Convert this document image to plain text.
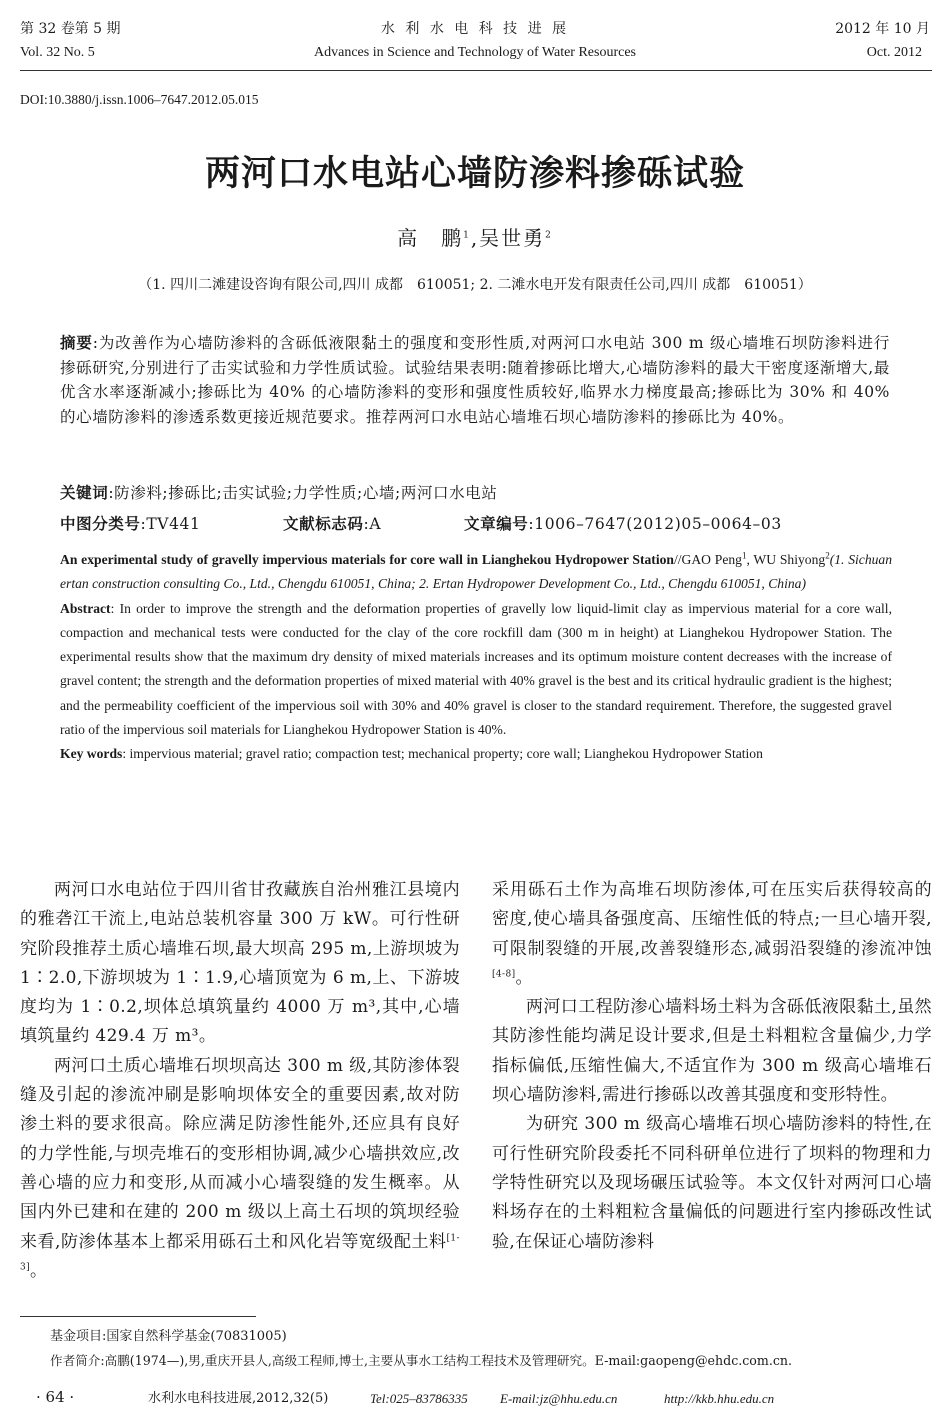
第 32 卷第 5 期
Vol. 32 No. 5
水 利 水 电 科 技 进 展
Advances in Science and Technology of Water Resources
2012 年 10 月
Oct. 2012
DOI:10.3880/j.issn.1006–7647.2012.05.015
两河口水电站心墙防渗料掺砾试验
高　鹏$^1$,吴世勇$^2$
（1. 四川二滩建设咨询有限公司,四川 成都　610051; 2. 二滩水电开发有限责任公司,四川 成都　610051）
摘要:为改善作为心墙防渗料的含砾低液限黏土的强度和变形性质,对两河口水电站 300 m 级心墙堆石坝防渗料进行掺砾研究,分别进行了击实试验和力学性质试验。试验结果表明:随着掺砾比增大,心墙防渗料的最大干密度逐渐增大,最优含水率逐渐减小;掺砾比为 40% 的心墙防渗料的变形和强度性质较好,临界水力梯度最高;掺砾比为 30% 和 40% 的心墙防渗料的渗透系数更接近规范要求。推荐两河口水电站心墙堆石坝心墙防渗料的掺砾比为 40%。
关键词:防渗料;掺砾比;击实试验;力学性质;心墙;两河口水电站
中图分类号:TV441	文献标志码:A	文章编号:1006–7647(2012)05–0064–03
An experimental study of gravelly impervious materials for core wall in Lianghekou Hydropower Station//GAO Peng$^1$, WU Shiyong$^2$(1. Sichuan ertan construction consulting Co., Ltd., Chengdu 610051, China; 2. Ertan Hydropower Development Co., Ltd., Chengdu 610051, China)
Abstract: In order to improve the strength and the deformation properties of gravelly low liquid-limit clay as impervious material for a core wall, compaction and mechanical tests were conducted for the clay of the core rockfill dam (300 m in height) at Lianghekou Hydropower Station. The experimental results show that the maximum dry density of mixed materials increases and its optimum moisture content decreases with the increase of gravel content; the strength and the deformation properties of mixed material with 40% gravel is the best and its critical hydraulic gradient is the highest; and the permeability coefficient of the impervious soil with 30% and 40% gravel is closer to the standard requirement. Therefore, the suggested gravel ratio of the impervious soil materials for Lianghekou Hydropower Station is 40%.
Key words: impervious material; gravel ratio; compaction test; mechanical property; core wall; Lianghekou Hydropower Station

两河口水电站位于四川省甘孜藏族自治州雅江县境内的雅砻江干流上,电站总装机容量 300 万 kW。可行性研究阶段推荐土质心墙堆石坝,最大坝高 295 m,上游坝坡为 1∶2.0,下游坝坡为 1∶1.9,心墙顶宽为 6 m,上、下游坡度均为 1∶0.2,坝体总填筑量约 4000 万 m³,其中,心墙填筑量约 429.4 万 m³。

两河口土质心墙堆石坝坝高达 300 m 级,其防渗体裂缝及引起的渗流冲刷是影响坝体安全的重要因素,故对防渗土料的要求很高。除应满足防渗性能外,还应具有良好的力学性能,与坝壳堆石的变形相协调,减少心墙拱效应,改善心墙的应力和变形,从而减小心墙裂缝的发生概率。从国内外已建和在建的 200 m 级以上高土石坝的筑坝经验来看,防渗体基本上都采用砾石土和风化岩等宽级配土料[1-3]。

采用砾石土作为高堆石坝防渗体,可在压实后获得较高的密度,使心墙具备强度高、压缩性低的特点;一旦心墙开裂,可限制裂缝的开展,改善裂缝形态,减弱沿裂缝的渗流冲蚀[4-8]。

两河口工程防渗心墙料场土料为含砾低液限黏土,虽然其防渗性能均满足设计要求,但是土料粗粒含量偏少,力学指标偏低,压缩性偏大,不适宜作为 300 m 级高心墙堆石坝心墙防渗料,需进行掺砾以改善其强度和变形特性。

为研究 300 m 级高心墙堆石坝心墙防渗料的特性,在可行性研究阶段委托不同科研单位进行了坝料的物理和力学特性研究以及现场碾压试验等。本文仅针对两河口心墙料场存在的土料粗粒含量偏低的问题进行室内掺砾改性试验,在保证心墙防渗料

基金项目:国家自然科学基金(70831005)
作者简介:高鹏(1974—),男,重庆开县人,高级工程师,博士,主要从事水工结构工程技术及管理研究。E-mail:gaopeng@ehdc.com.cn.
· 64 ·	水利水电科技进展,2012,32(5)	Tel:025–83786335 E-mail:jz@hhu.edu.cn	http://kkb.hhu.edu.cn
